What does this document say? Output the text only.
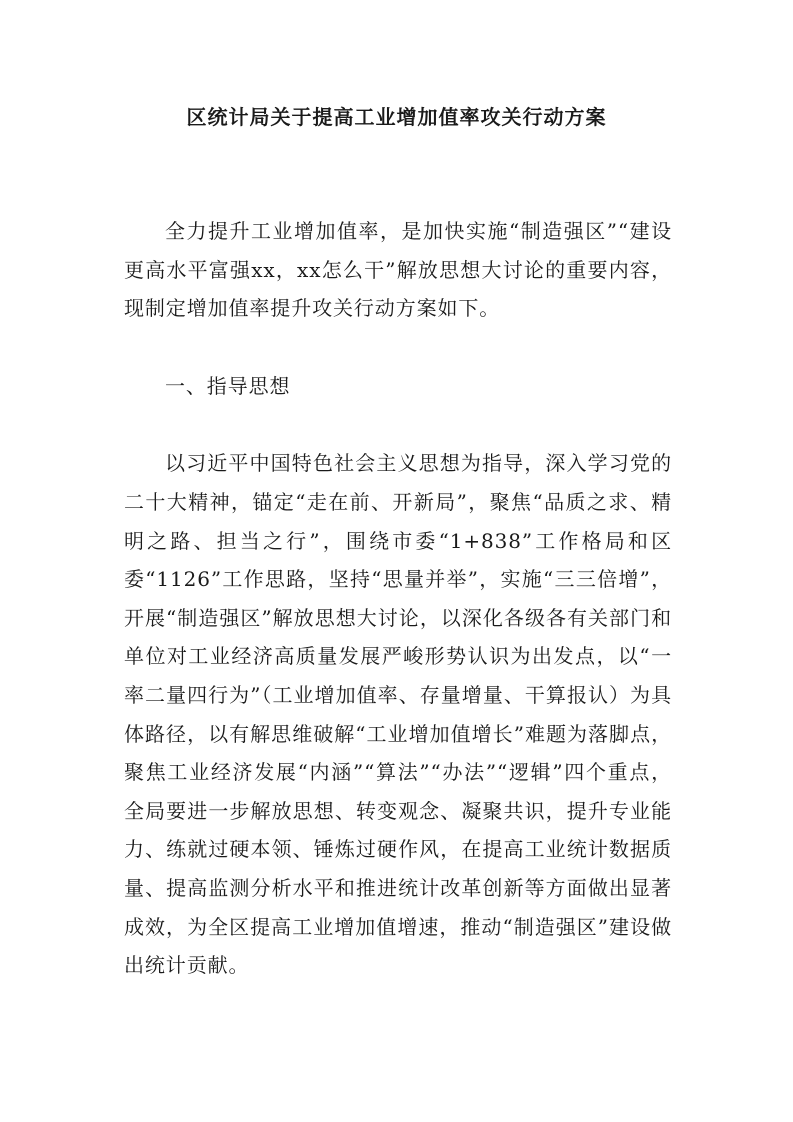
区统计局关于提高工业增加值率攻关行动方案

全力提升工业增加值率，是加快实施“制造强区”“建设更高水平富强xx，xx怎么干”解放思想大讨论的重要内容，现制定增加值率提升攻关行动方案如下。

一、指导思想

以习近平中国特色社会主义思想为指导，深入学习党的二十大精神，锚定“走在前、开新局”，聚焦“品质之求、精明之路、担当之行”，围绕市委“1+838”工作格局和区委“1126”工作思路，坚持“思量并举”，实施“三三倍增”，开展“制造强区”解放思想大讨论，以深化各级各有关部门和单位对工业经济高质量发展严峻形势认识为出发点，以“一率二量四行为”（工业增加值率、存量增量、干算报认）为具体路径，以有解思维破解“工业增加值增长”难题为落脚点，聚焦工业经济发展“内涵”“算法”“办法”“逻辑”四个重点，全局要进一步解放思想、转变观念、凝聚共识，提升专业能力、练就过硬本领、锤炼过硬作风，在提高工业统计数据质量、提高监测分析水平和推进统计改革创新等方面做出显著成效，为全区提高工业增加值增速，推动“制造强区”建设做出统计贡献。
